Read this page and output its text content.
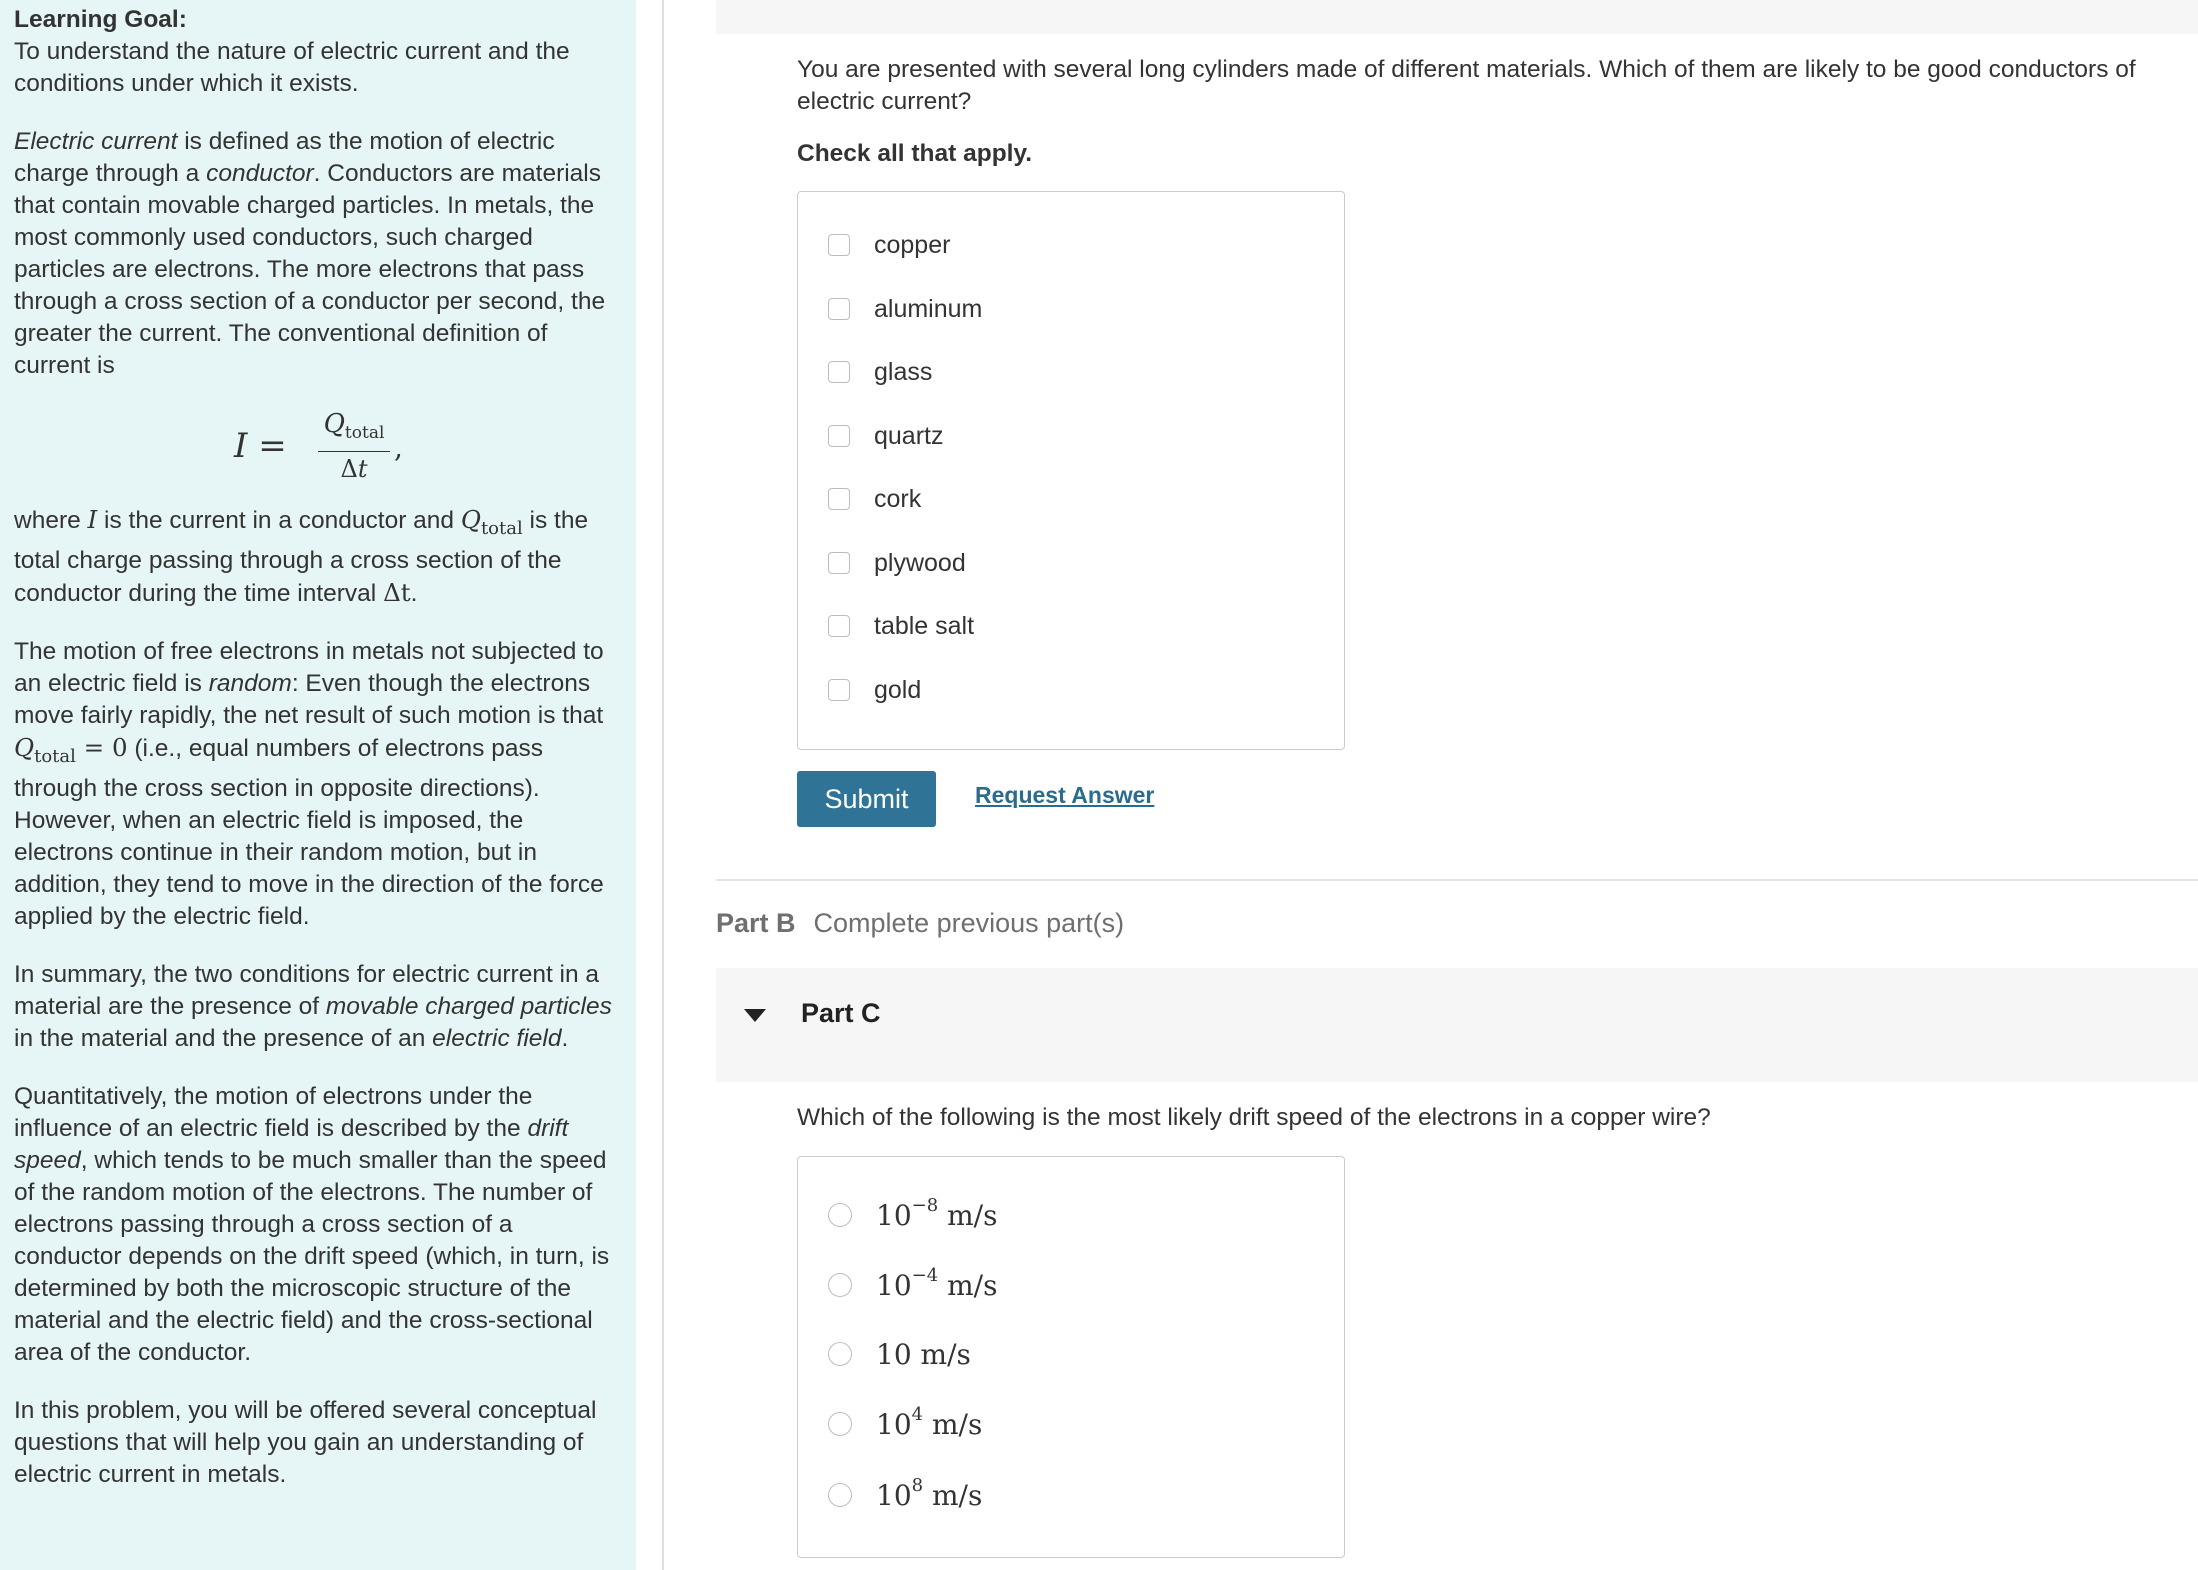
Learning Goal:

To understand the nature of electric current and the conditions under which it exists.

Electric current is defined as the motion of electric charge through a conductor. Conductors are materials that contain movable charged particles. In metals, the most commonly used conductors, such charged particles are electrons. The more electrons that pass through a cross section of a conductor per second, the greater the current. The conventional definition of current is

I =
$Q_{total}$
Δt
,

where I is the current in a conductor and $Q_{total}$ is the total charge passing through a cross section of the conductor during the time interval Δt.

The motion of free electrons in metals not subjected to an electric field is random: Even though the electrons move fairly rapidly, the net result of such motion is that $Q_{total} = 0$ (i.e., equal numbers of electrons pass through the cross section in opposite directions). However, when an electric field is imposed, the electrons continue in their random motion, but in addition, they tend to move in the direction of the force applied by the electric field.

In summary, the two conditions for electric current in a material are the presence of movable charged particles in the material and the presence of an electric field.

Quantitatively, the motion of electrons under the influence of an electric field is described by the drift speed, which tends to be much smaller than the speed of the random motion of the electrons. The number of electrons passing through a cross section of a conductor depends on the drift speed (which, in turn, is determined by both the microscopic structure of the material and the electric field) and the cross-sectional area of the conductor.

In this problem, you will be offered several conceptual questions that will help you gain an understanding of electric current in metals.

You are presented with several long cylinders made of different materials. Which of them are likely to be good conductors of electric current?
Check all that apply.
copper
aluminum
glass
quartz
cork
plywood
table salt
gold
Submit	Request Answer
Part B Complete previous part(s)
Part C
Which of the following is the most likely drift speed of the electrons in a copper wire?
$10^{-8}$ m/s
$10^{-4}$ m/s
10 m/s
$10^4$ m/s
$10^8$ m/s
